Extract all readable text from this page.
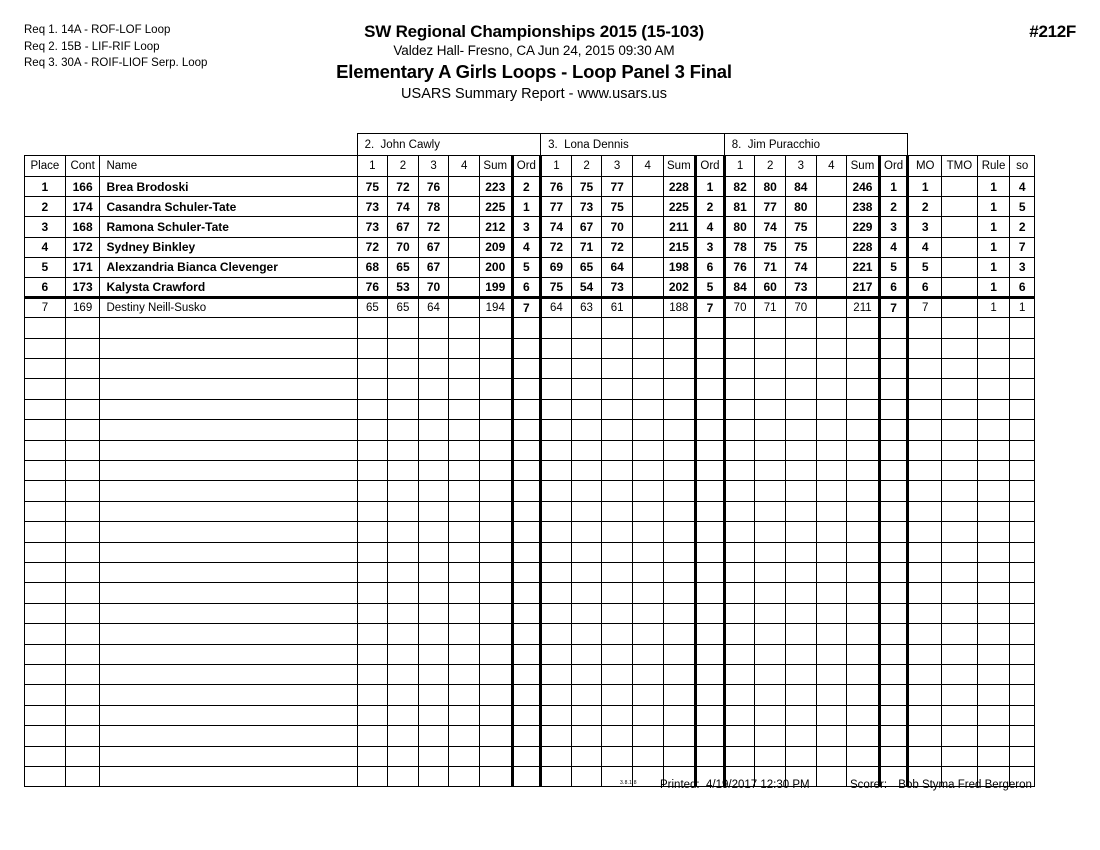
Req 1. 14A - ROF-LOF Loop
Req 2. 15B - LIF-RIF Loop
Req 3. 30A - ROIF-LIOF Serp. Loop
SW Regional Championships 2015 (15-103)
Valdez Hall- Fresno, CA Jun 24, 2015 09:30 AM
Elementary A Girls Loops - Loop Panel 3 Final
USARS Summary Report - www.usars.us
#212F
			2. John Cawly						3. Lona Dennis						8. Jim Puracchio									
Place	Cont	Name	1	2	3	4	Sum	Ord	1	2	3	4	Sum	Ord	1	2	3	4	Sum	Ord	MO	TMO	Rule	so
1	166	Brea Brodoski	75	72	76		223	2	76	75	77		228	1	82	80	84		246	1	1		1	4
2	174	Casandra Schuler-Tate	73	74	78		225	1	77	73	75		225	2	81	77	80		238	2	2		1	5
3	168	Ramona Schuler-Tate	73	67	72		212	3	74	67	70		211	4	80	74	75		229	3	3		1	2
4	172	Sydney Binkley	72	70	67		209	4	72	71	72		215	3	78	75	75		228	4	4		1	7
5	171	Alexzandria Bianca Clevenger	68	65	67		200	5	69	65	64		198	6	76	71	74		221	5	5		1	3
6	173	Kalysta Crawford	76	53	70		199	6	75	54	73		202	5	84	60	73		217	6	6		1	6
7	169	Destiny Neill-Susko	65	65	64		194	7	64	63	61		188	7	70	71	70		211	7	7		1	1

3.8.1.8 Printed: 4/19/2017 12:30 PM	Scorer: Bob Styma Fred Bergeron
